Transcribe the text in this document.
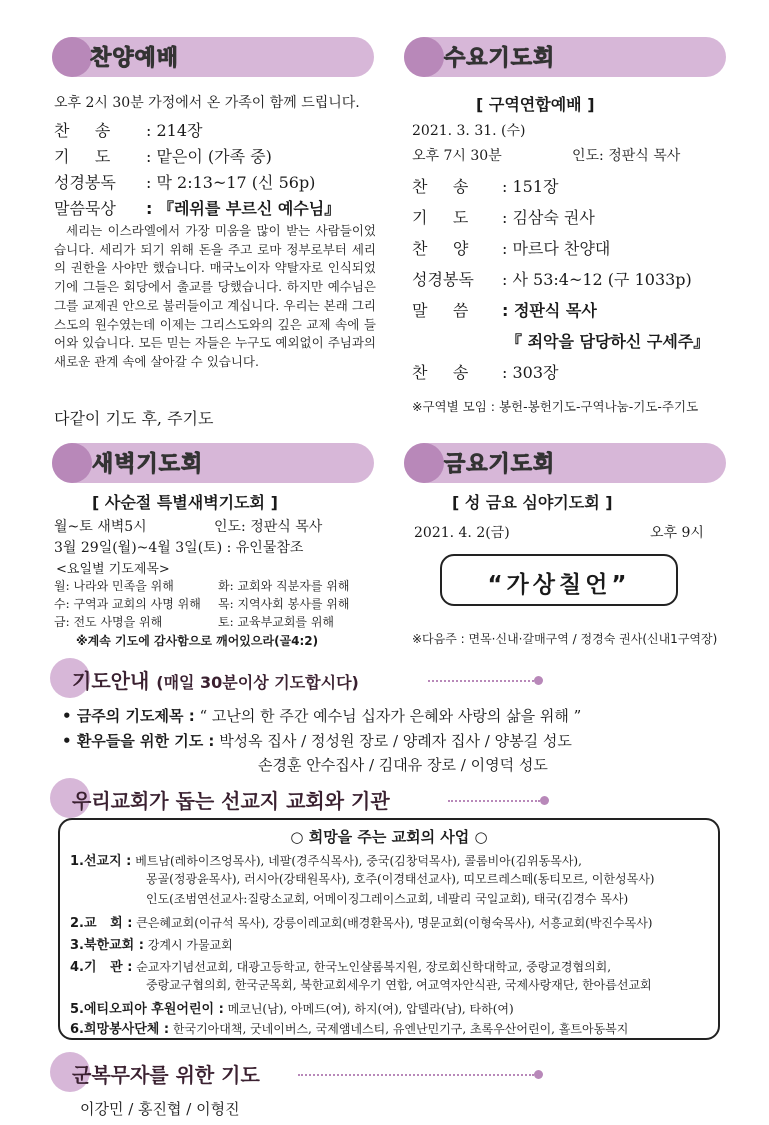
찬양예배
오후 2시 30분 가정에서 온 가족이 함께 드립니다.
찬     송 : 214장
기     도 : 맡은이 (가족 중)
성경봉독 : 막 2:13~17 (신 56p)
말씀묵상 : 『레위를 부르신 예수님』
세리는 이스라엘에서 가장 미움을 많이 받는 사람들이었습니다. 세리가 되기 위해 돈을 주고 로마 정부로부터 세리의 권한을 사야만 했습니다. 매국노이자 약탈자로 인식되었기에 그들은 회당에서 출교를 당했습니다. 하지만 예수님은 그를 교제권 안으로 불러들이고 계십니다. 우리는 본래 그리스도의 원수였는데 이제는 그리스도와의 깊은 교제 속에 들어와 있습니다. 모든 믿는 자들은 누구도 예외없이 주님과의 새로운 관계 속에 살아갈 수 있습니다.
다같이 기도 후, 주기도
수요기도회
[ 구역연합예배 ]
2021. 3. 31. (수)
오후 7시 30분	인도: 정판식 목사
찬     송 : 151장
기     도 : 김삼숙 권사
찬     양 : 마르다 찬양대
성경봉독 : 사 53:4~12 (구 1033p)
말     씀 : 정판식 목사
『 죄악을 담당하신 구세주』
찬     송 : 303장
※구역별 모임 : 봉헌-봉헌기도-구역나눔-기도-주기도
새벽기도회
[ 사순절 특별새벽기도회 ]
월~토 새벽5시	인도: 정판식 목사
3월 29일(월)~4월 3일(토) : 유인물참조
<요일별 기도제목>
월: 나라와 민족을 위해	화: 교회와 직분자를 위해
수: 구역과 교회의 사명 위해 목: 지역사회 봉사를 위해
금: 전도 사명을 위해	토: 교육부교회를 위해
※계속 기도에 감사함으로 깨어있으라(골4:2)
금요기도회
[ 성 금요 심야기도회 ]
2021. 4. 2(금)	오후 9시
“가상칠언”
※다음주 : 면목·신내·갈매구역 / 정경숙 권사(신내1구역장)
기도안내 (매일 30분이상 기도합시다)
• 금주의 기도제목 : “ 고난의 한 주간 예수님 십자가 은혜와 사랑의 삶을 위해 ”
• 환우들을 위한 기도 : 박성옥 집사 / 정성원 장로 / 양례자 집사 / 양봉길 성도
손경훈 안수집사 / 김대유 장로 / 이영덕 성도
우리교회가 돕는 선교지 교회와 기관
○ 희망을 주는 교회의 사업 ○
1.선교지 : 베트남(레하이즈엉목사), 네팔(경주식목사), 중국(김창덕목사), 콜롬비아(김위동목사),
몽골(정광윤목사), 러시아(강태원목사), 호주(이경태선교사), 띠모르레스떼(동티모르, 이한성목사)
인도(조범연선교사:질랑소교회, 어메이징그레이스교회, 네팔리 국일교회), 태국(김경수 목사)
2.교   회 : 큰은혜교회(이규석 목사), 강릉이레교회(배경환목사), 명문교회(이형숙목사), 서흥교회(박진수목사)
3.북한교회 : 강계시 가물교회
4.기   관 : 순교자기념선교회, 대광고등학교, 한국노인샬롬복지원, 장로회신학대학교, 중랑교경협의회,
중랑교구협의회, 한국군목회, 북한교회세우기 연합, 여교역자안식관, 국제사랑재단, 한아름선교회
5.에티오피아 후원어린이 : 메코닌(남), 아메드(여), 하지(여), 압델라(남), 타하(여)
6.희망봉사단체 : 한국기아대책, 굿네이버스, 국제앰네스티, 유엔난민기구, 초록우산어린이, 홀트아동복지
군복무자를 위한 기도
이강민 / 홍진협 / 이형진
